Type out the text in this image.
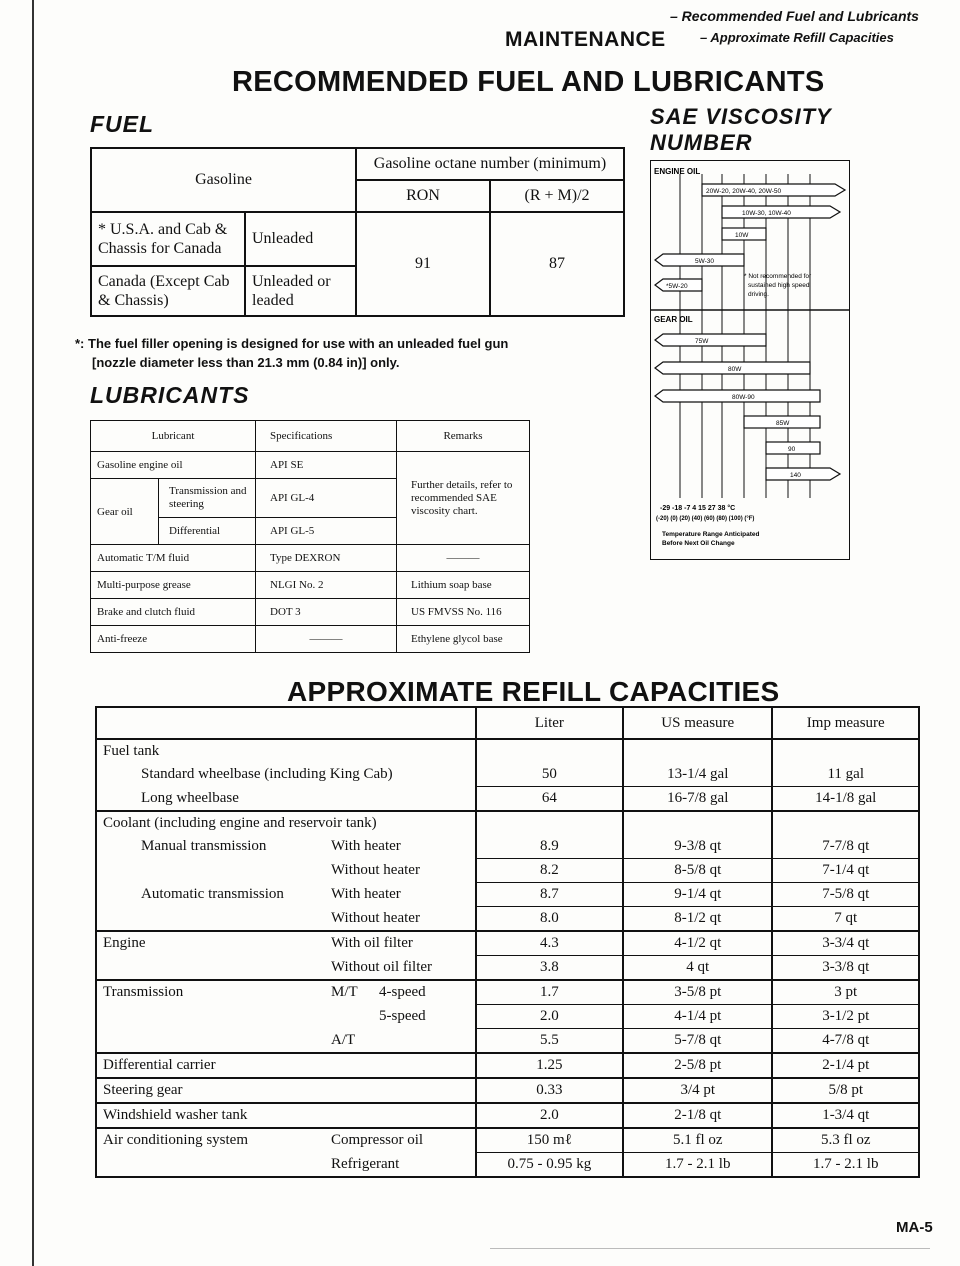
MAINTENANCE
– Recommended Fuel and Lubricants
– Approximate Refill Capacities
RECOMMENDED FUEL AND LUBRICANTS
FUEL
Gasoline		Gasoline octane number (minimum)	
		RON	(R + M)/2
* U.S.A. and Cab & Chassis for Canada	Unleaded	91	87
Canada (Except Cab & Chassis)	Unleaded or leaded		
*: The fuel filler opening is designed for use with an unleaded fuel gun
[nozzle diameter less than 21.3 mm (0.84 in)] only.
LUBRICANTS
Lubricant		Specifications	Remarks
Gasoline engine oil		API SE	Further details, refer to recommended SAE viscosity chart.
Gear oil	Transmission and steering	API GL-4	
	Differential	API GL-5	
Automatic T/M fluid		Type DEXRON	———
Multi-purpose grease		NLGI No. 2	Lithium soap base
Brake and clutch fluid		DOT 3	US FMVSS No. 116
Anti-freeze		———	Ethylene glycol base
SAE VISCOSITY
NUMBER
ENGINE OIL
20W-20, 20W-40, 20W-50
10W-30, 10W-40
10W
5W-30
*5W-20
* Not recommended for
sustained high speed
driving.
GEAR OIL
75W
80W
80W-90
85W
90
140
-29 -18 -7 4 15 27 38 °C
(-20) (0) (20) (40) (60) (80) (100) (°F)
Temperature Range Anticipated
Before Next Oil Change
APPROXIMATE REFILL CAPACITIES
	Liter	US measure	Imp measure
Fuel tank			
Standard wheelbase (including King Cab)	50	13-1/4 gal	11 gal
Long wheelbase	64	16-7/8 gal	14-1/8 gal
Coolant (including engine and reservoir tank)			
Manual transmission With heater	8.9	9-3/8 qt	7-7/8 qt
Without heater	8.2	8-5/8 qt	7-1/4 qt
Automatic transmission With heater	8.7	9-1/4 qt	7-5/8 qt
Without heater	8.0	8-1/2 qt	7 qt
Engine With oil filter	4.3	4-1/2 qt	3-3/4 qt
Without oil filter	3.8	4 qt	3-3/8 qt
Transmission M/T 4-speed	1.7	3-5/8 pt	3 pt
5-speed	2.0	4-1/4 pt	3-1/2 pt
A/T	5.5	5-7/8 qt	4-7/8 qt
Differential carrier	1.25	2-5/8 pt	2-1/4 pt
Steering gear	0.33	3/4 pt	5/8 pt
Windshield washer tank	2.0	2-1/8 qt	1-3/4 qt
Air conditioning system Compressor oil	150 mℓ	5.1 fl oz	5.3 fl oz
Refrigerant	0.75 - 0.95 kg	1.7 - 2.1 lb	1.7 - 2.1 lb
MA-5
